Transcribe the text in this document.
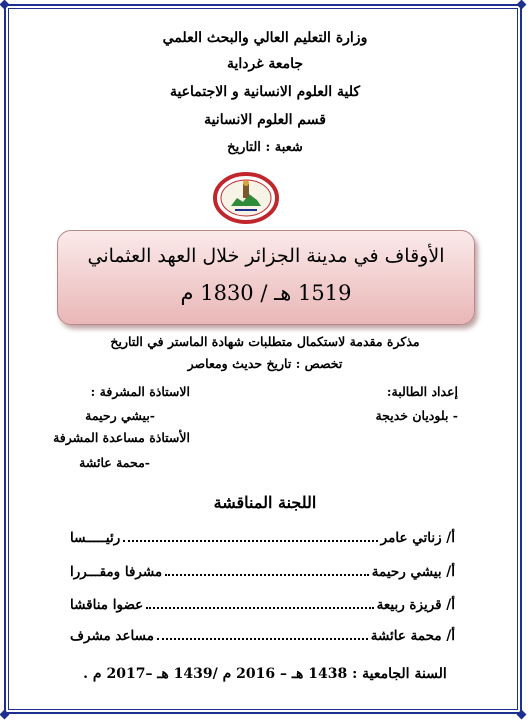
وزارة التعليم العالي والبحث العلمي
جامعة غرداية
كلية العلوم الانسانية و الاجتماعية
قسم العلوم الانسانية
شعبة : التاريخ
الأوقاف في مدينة الجزائر خلال العهد العثماني
1519 هـ / 1830 م
مذكرة مقدمة لاستكمال متطلبات شهادة الماستر في التاريخ
تخصص : تاريخ حديث ومعاصر
إعداد الطالبة:
- بلوديان خديجة
الاستاذة المشرفة :
-بيشي رحيمة
الأستاذة مساعدة المشرفة
-محمة عائشة
اللجنة المناقشة
أ/ زناتي عامر
رئيـــــسا
أ/ بيشي رحيمة
مشرفا ومقـــررا
أ/ قريزة ربيعة
عضوا مناقشا
أ/ محمة عائشة
مساعد مشرف
السنة الجامعية : 1438 هـ – 2016 م /1439 هـ –2017 م .
